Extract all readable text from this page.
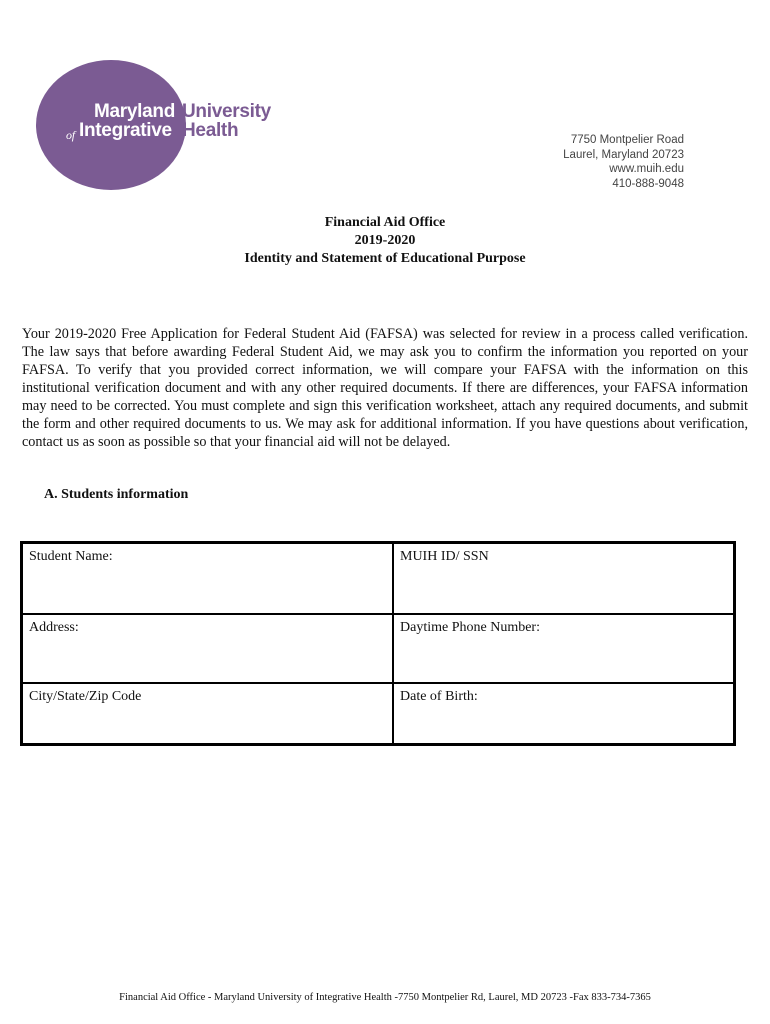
Maryland University
of Integrative Health	7750 Montpelier Road
Laurel, Maryland 20723
www.muih.edu
410-888-9048
Financial Aid Office
2019-2020
Identity and Statement of Educational Purpose
Your 2019-2020 Free Application for Federal Student Aid (FAFSA) was selected for review in a process called verification. The law says that before awarding Federal Student Aid, we may ask you to confirm the information you reported on your FAFSA. To verify that you provided correct information, we will compare your FAFSA with the information on this institutional verification document and with any other required documents. If there are differences, your FAFSA information may need to be corrected. You must complete and sign this verification worksheet, attach any required documents, and submit the form and other required documents to us. We may ask for additional information. If you have questions about verification, contact us as soon as possible so that your financial aid will not be delayed.
A. Students information
Student Name:	MUIH ID/ SSN
Address:	Daytime Phone Number:
City/State/Zip Code	Date of Birth:
Financial Aid Office - Maryland University of Integrative Health -7750 Montpelier Rd, Laurel, MD 20723 -Fax 833-734-7365
